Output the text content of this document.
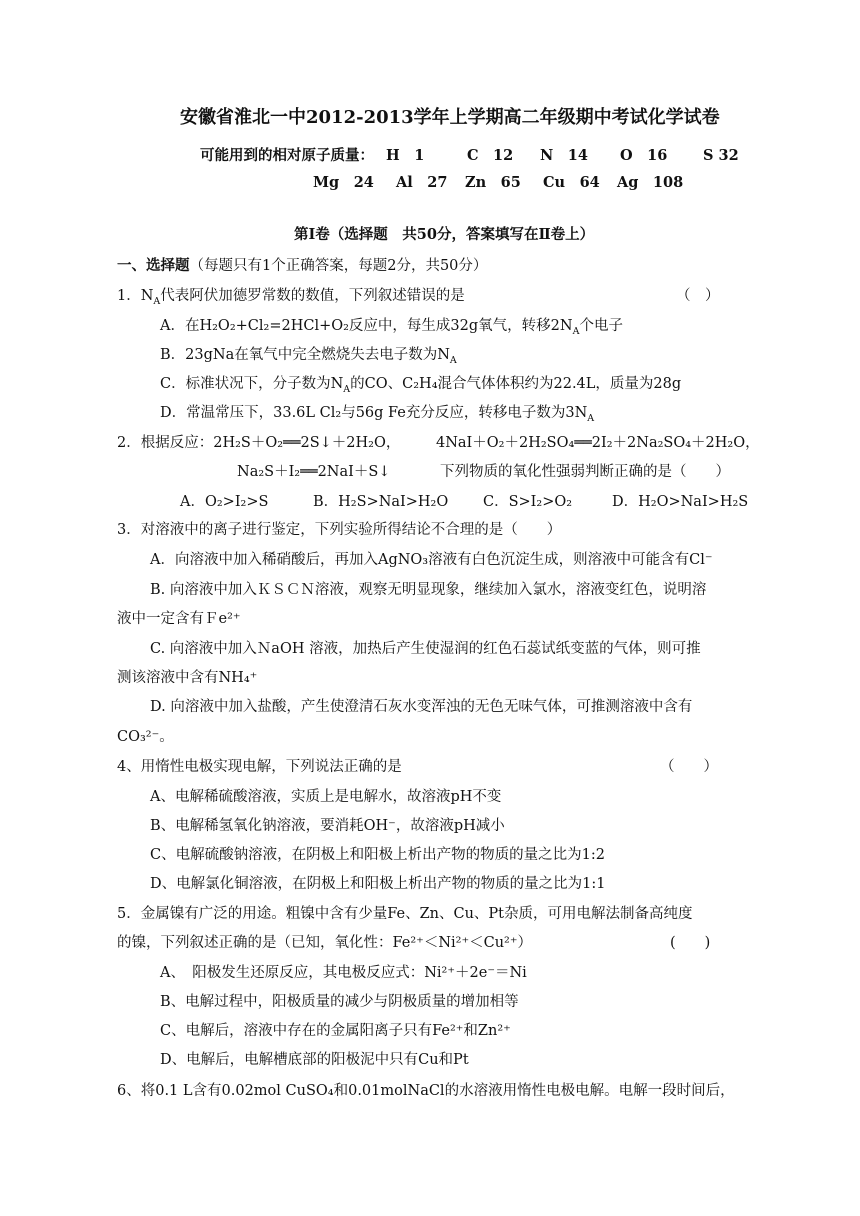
安徽省淮北一中2012-2013学年上学期高二年级期中考试化学试卷
可能用到的相对原子质量： H　1	C　12 N　14 O　16 S 32
Mg　24 Al　27 Zn　65 Cu　64 Ag　108
第Ⅰ卷（选择题　共50分，答案填写在Ⅱ卷上）
一、选择题（每题只有1个正确答案，每题2分，共50分）
1．$N_A$代表阿伏加德罗常数的数值，下列叙述错误的是	（　）
A．在H₂O₂+Cl₂=2HCl+O₂反应中，每生成32g氧气，转移$2N_A$个电子
B．23gNa在氧气中完全燃烧失去电子数为$N_A$
C．标准状况下，分子数为$N_A$的CO、C₂H₄混合气体体积约为22.4L，质量为28g
D．常温常压下，33.6L Cl₂与56g Fe充分反应，转移电子数为$3N_A$
2．根据反应：2H₂S＋O₂══2S↓＋2H₂O， 4NaI＋O₂＋2H₂SO₄══2I₂＋2Na₂SO₄＋2H₂O，
Na₂S＋I₂══2NaI＋S↓	下列物质的氧化性强弱判断正确的是（　　）
A．O₂>I₂>S	B．H₂S>NaI>H₂O C．S>I₂>O₂	D．H₂O>NaI>H₂S
3．对溶液中的离子进行鉴定，下列实验所得结论不合理的是（　　）
A．向溶液中加入稀硝酸后，再加入AgNO₃溶液有白色沉淀生成，则溶液中可能含有Cl⁻
B. 向溶液中加入ＫＳＣＮ溶液，观察无明显现象，继续加入氯水，溶液变红色，说明溶
液中一定含有Ｆe²⁺
C. 向溶液中加入ＮaOH 溶液，加热后产生使湿润的红色石蕊试纸变蓝的气体，则可推
测该溶液中含有NH₄⁺
D. 向溶液中加入盐酸，产生使澄清石灰水变浑浊的无色无味气体，可推测溶液中含有
CO₃²⁻。
4、用惰性电极实现电解，下列说法正确的是	（　　）
A、电解稀硫酸溶液，实质上是电解水，故溶液pH不变
B、电解稀氢氧化钠溶液，要消耗OH⁻，故溶液pH减小
C、电解硫酸钠溶液，在阴极上和阳极上析出产物的物质的量之比为1:2
D、电解氯化铜溶液，在阴极上和阳极上析出产物的物质的量之比为1:1
5．金属镍有广泛的用途。粗镍中含有少量Fe、Zn、Cu、Pt杂质，可用电解法制备高纯度
的镍，下列叙述正确的是（已知，氧化性：Fe²⁺＜Ni²⁺＜Cu²⁺）	(　　)
A、　阳极发生还原反应，其电极反应式：Ni²⁺＋2e⁻＝Ni
B、电解过程中，阳极质量的减少与阴极质量的增加相等
C、电解后，溶液中存在的金属阳离子只有Fe²⁺和Zn²⁺
D、电解后，电解槽底部的阳极泥中只有Cu和Pt
6、将0.1 L含有0.02mol CuSO₄和0.01molNaCl的水溶液用惰性电极电解。电解一段时间后，
